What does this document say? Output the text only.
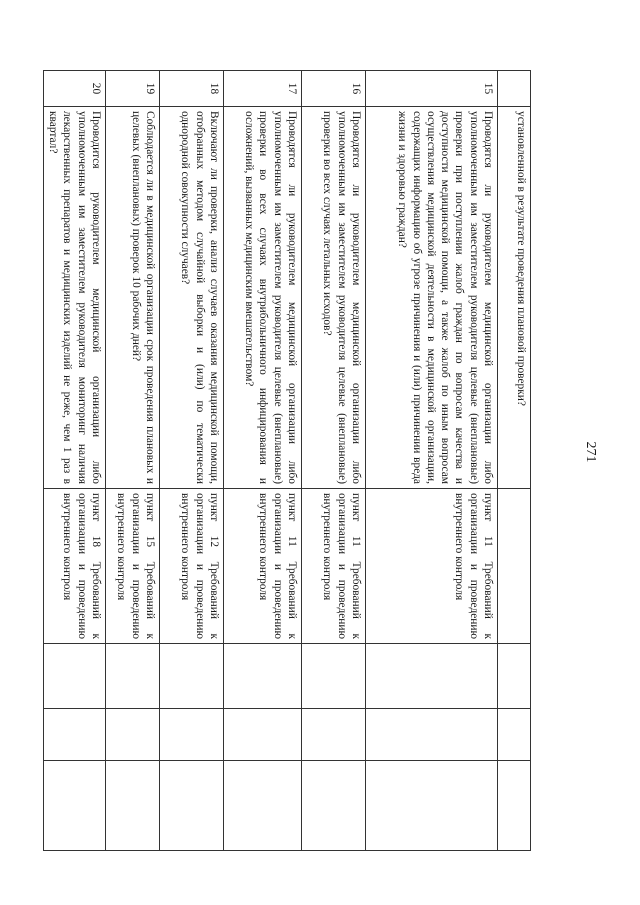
271
	установленной в результате проведения плановой проверки?				
15	Проводятся ли руководителем медицинской организации либо уполномоченным им заместителем руководителя целевые (внеплановые) проверки при поступлении жалоб граждан по вопросам качества и доступности медицинской помощи, а также жалоб по иным вопросам осуществления медицинской деятельности в медицинской организации, содержащих информацию об угрозе причинения и (или) причинении вреда жизни и здоровью граждан?	пункт 11 Требований к организации и проведению внутреннего контроля			
16	Проводятся ли руководителем медицинской организации либо уполномоченным им заместителем руководителя целевые (внеплановые) проверки во всех случаях летальных исходов?	пункт 11 Требований к организации и проведению внутреннего контроля			
17	Проводятся ли руководителем медицинской организации либо уполномоченным им заместителем руководителя целевые (внеплановые) проверки во всех случаях внутрибольничного инфицирования и осложнений, вызванных медицинским вмешательством?	пункт 11 Требований к организации и проведению внутреннего контроля			
18	Включают ли проверки, анализ случаев оказания медицинской помощи, отобранных методом случайной выборки и (или) по тематически однородной совокупности случаев?	пункт 12 Требований к организации и проведению внутреннего контроля			
19	Соблюдается ли в медицинской организации срок проведения плановых и целевых (внеплановых) проверок 10 рабочих дней?	пункт 15 Требований к организации и проведению внутреннего контроля			
20	Проводится руководителем медицинской организации либо уполномоченным им заместителем руководителя мониторинг наличия лекарственных препаратов и медицинских изделий не реже, чем 1 раз в квартал?	пункт 18 Требований к организации и проведению внутреннего контроля			
